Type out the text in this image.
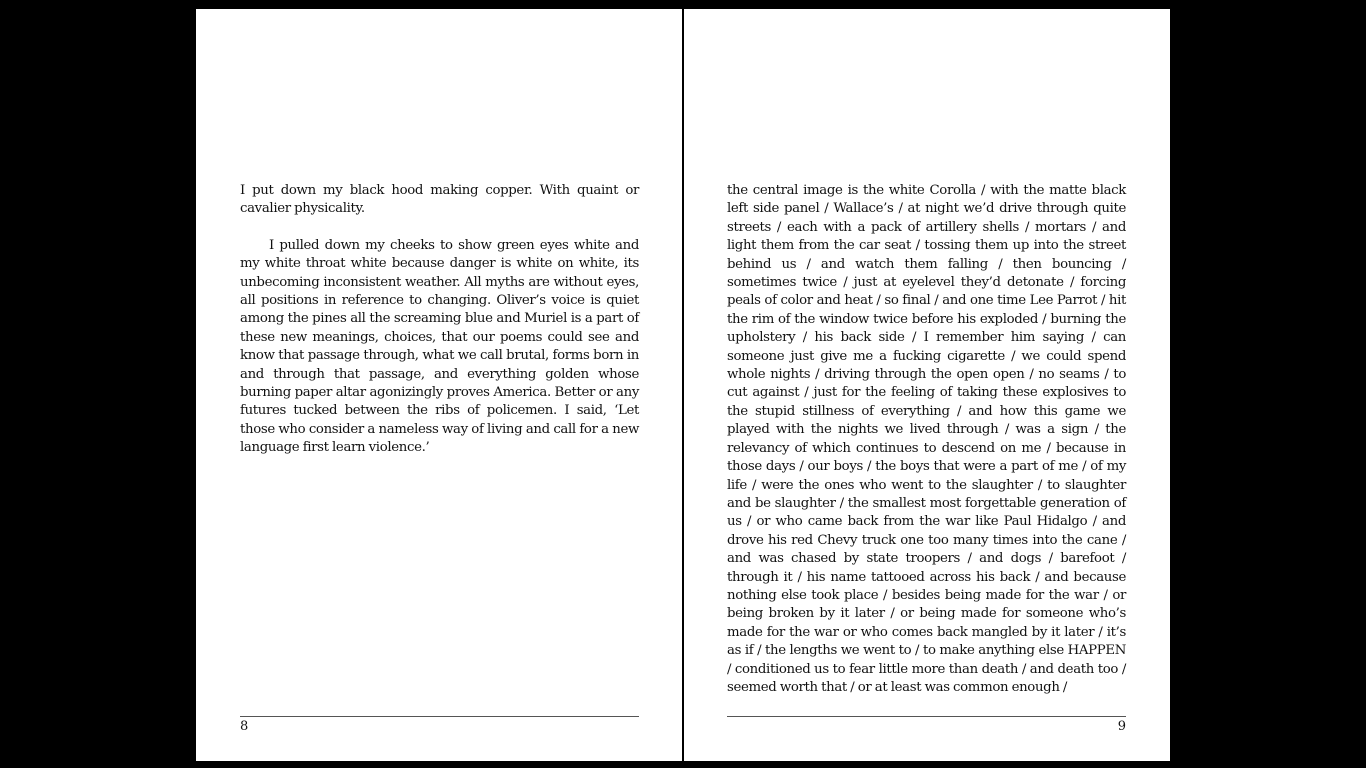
I put down my black hood making copper. With quaint or cavalier physicality.

I pulled down my cheeks to show green eyes white and my white throat white because danger is white on white, its unbecoming inconsistent weather. All myths are without eyes, all positions in reference to changing. Oliver’s voice is quiet among the pines all the screaming blue and Muriel is a part of these new meanings, choices, that our poems could see and know that passage through, what we call brutal, forms born in and through that passage, and everything golden whose burning paper altar agonizingly proves America. Better or any futures tucked between the ribs of policemen. I said, ‘Let those who consider a nameless way of living and call for a new language first learn violence.’

8

the central image is the white Corolla / with the matte black left side panel / Wallace’s / at night we’d drive through quite streets / each with a pack of artillery shells / mortars / and light them from the car seat / tossing them up into the street behind us / and watch them falling / then bouncing / sometimes twice / just at eyelevel they’d detonate / forcing peals of color and heat / so final / and one time Lee Parrot / hit the rim of the window twice before his exploded / burning the upholstery / his back side / I remember him saying / can someone just give me a fucking cigarette / we could spend whole nights / driving through the open open / no seams / to cut against / just for the feeling of taking these explosives to the stupid stillness of everything / and how this game we played with the nights we lived through / was a sign / the relevancy of which continues to descend on me / because in those days / our boys / the boys that were a part of me / of my life / were the ones who went to the slaughter / to slaughter and be slaughter / the smallest most forgettable generation of us / or who came back from the war like Paul Hidalgo / and drove his red Chevy truck one too many times into the cane / and was chased by state troopers / and dogs / barefoot / through it / his name tattooed across his back / and because nothing else took place / besides being made for the war / or being broken by it later / or being made for someone who’s made for the war or who comes back mangled by it later / it’s as if / the lengths we went to / to make anything else HAPPEN / conditioned us to fear little more than death / and death too / seemed worth that / or at least was common enough /

9
